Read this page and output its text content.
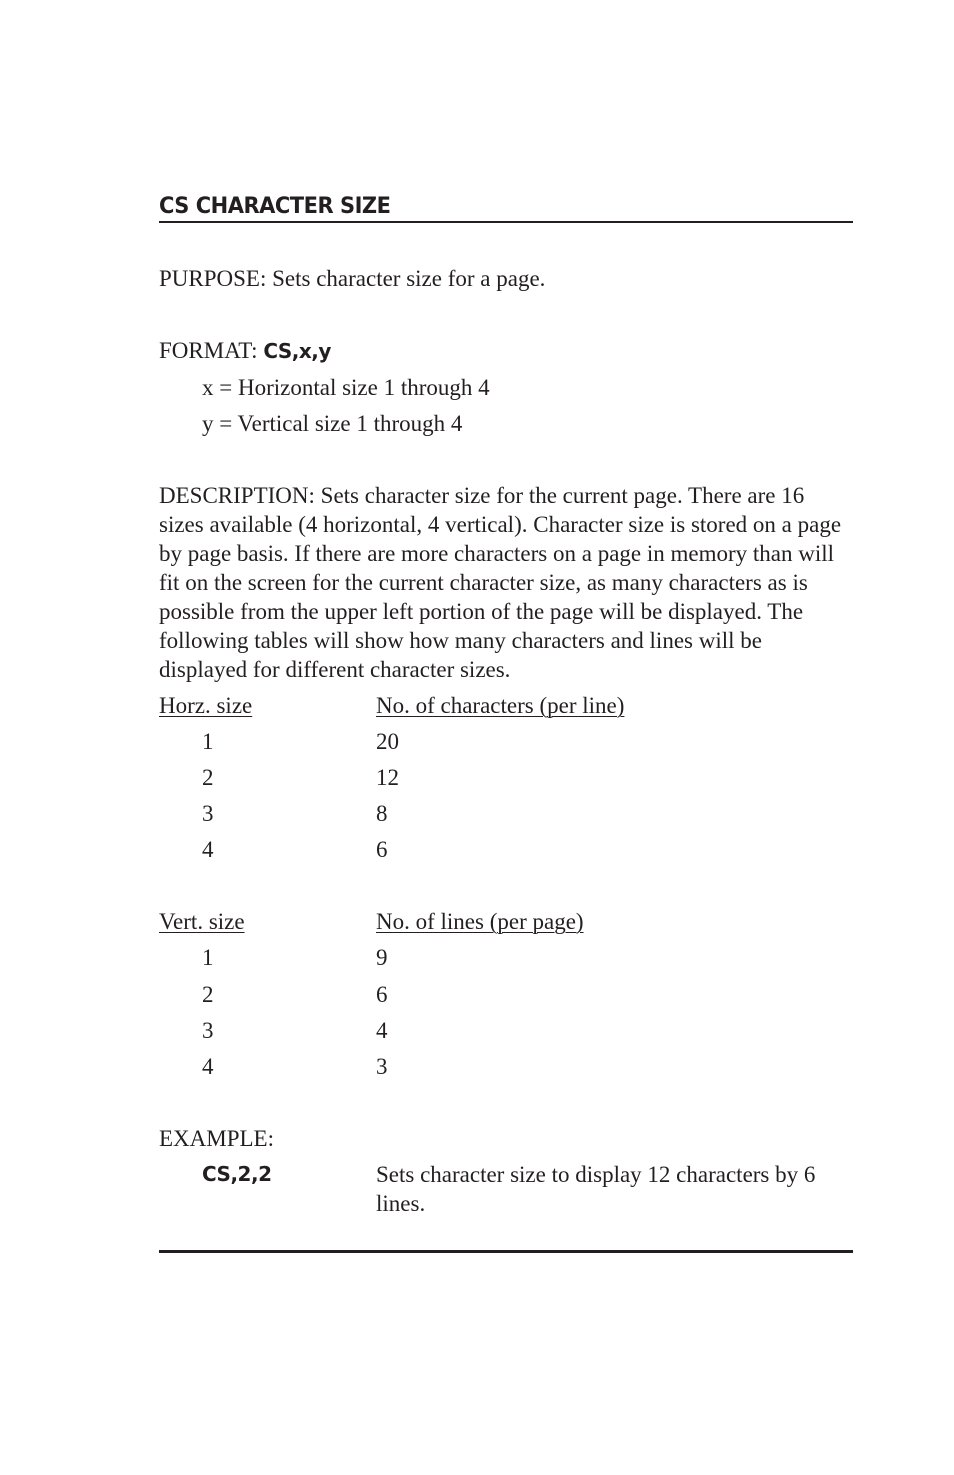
CS CHARACTER SIZE
PURPOSE: Sets character size for a page.
FORMAT: CS,x,y
x = Horizontal size 1 through 4
y = Vertical size 1 through 4
DESCRIPTION: Sets character size for the current page. There are 16 sizes available (4 horizontal, 4 vertical). Character size is stored on a page by page basis. If there are more characters on a page in memory than will fit on the screen for the current character size, as many characters as is possible from the upper left portion of the page will be displayed. The following tables will show how many characters and lines will be displayed for different character sizes.
Horz. size	No. of characters (per line)
1	20
2	12
3	8
4	6
Vert. size	No. of lines (per page)
1	9
2	6
3	4
4	3
EXAMPLE:
CS,2,2	Sets character size to display 12 characters by 6 lines.
